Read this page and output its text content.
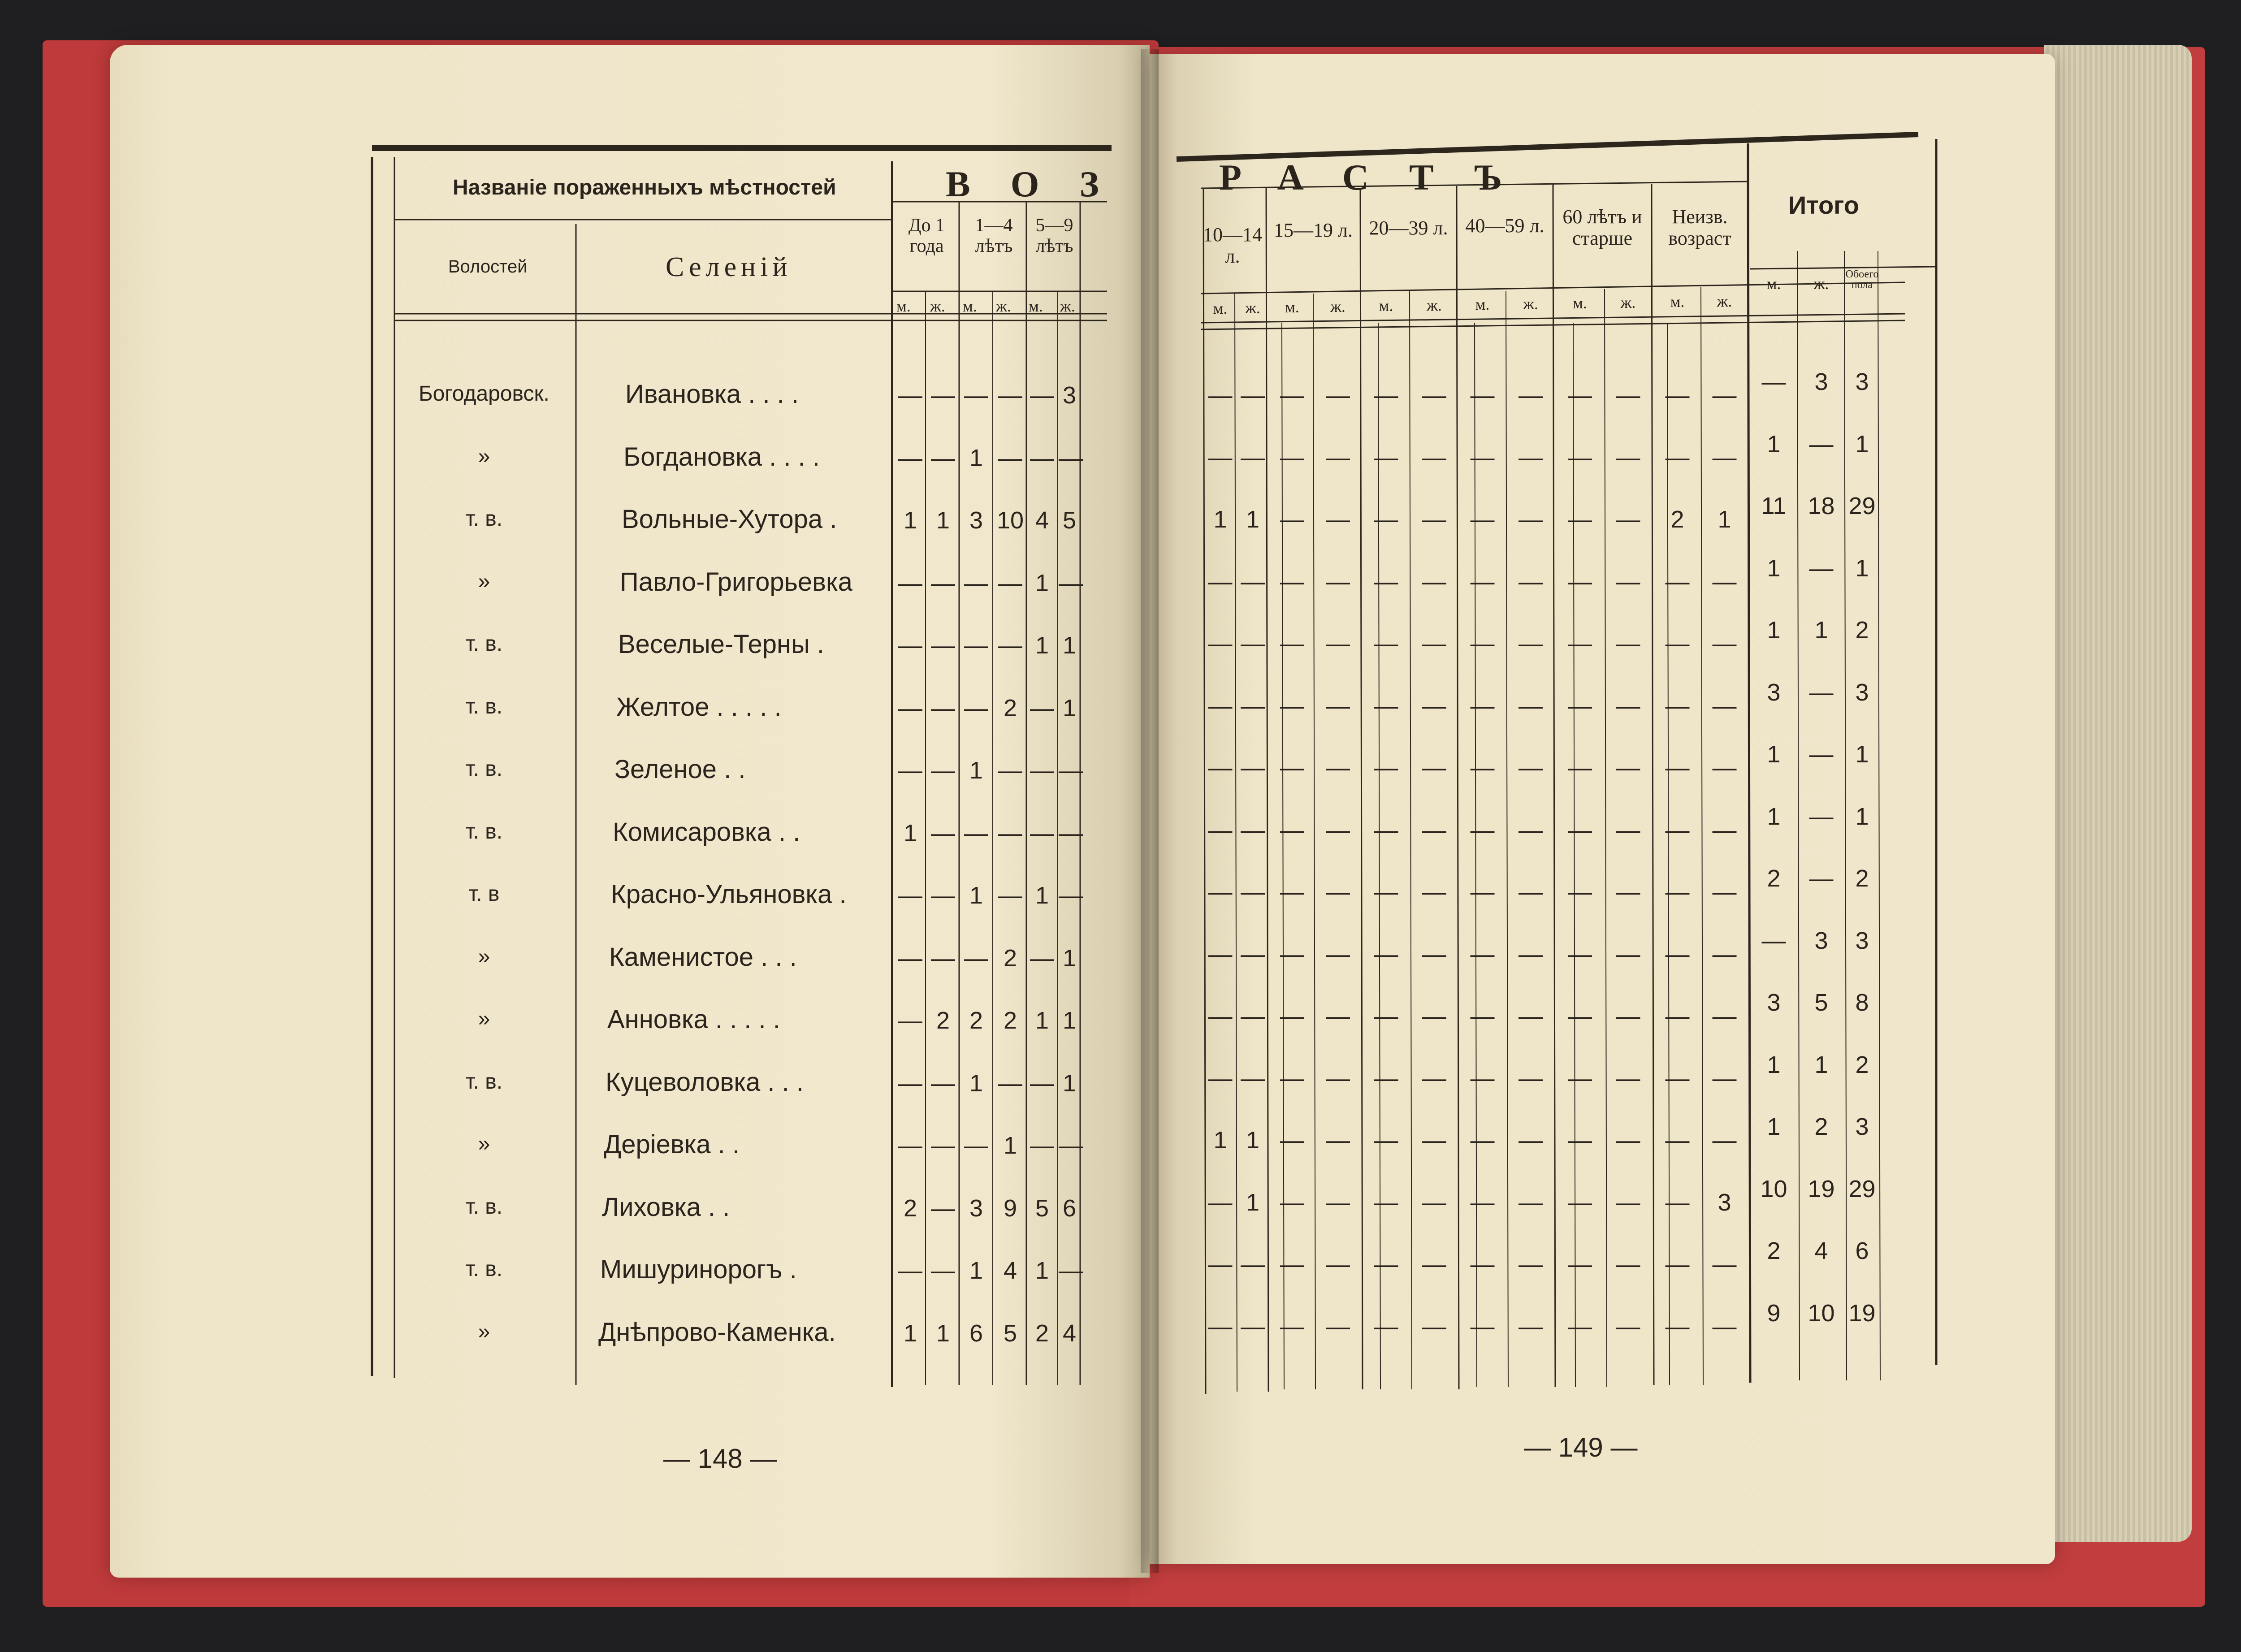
Названіе пораженныхъ мѣстностей
Волостей	Селеній
ВОЗ
До 1 года
1—4 лѣтъ
5—9 лѣтъ
м. ж. м. ж. м. ж.
Богодаровск.	Ивановка . . . .	— — — — — 3
»	Богдановка . . . .	— — 1 — — —
т. в.	Вольные-Хутора .	1 1 3 10 4 5
»	Павло-Григорьевка — — — — 1 —
т. в.	Веселые-Терны .	— — — — 1 1
т. в.	Желтое . . . . .	— — — 2 — 1
т. в.	Зеленое . .	— — 1 — — —
т. в.	Комисаровка . .	1 — — — — —
т. в	Красно-Ульяновка . — — 1 — 1 —
»	Каменистое . . .	— — — 2 — 1
»	Анновка . . . . .	— 2 2 2 1 1
т. в.	Куцеволовка . . .	— — 1 — — 1
»	Деріевка . .	— — — 1 — —
т. в.	Лиховка . .	2 — 3 9 5 6
т. в.	Мишуринорогъ .	— — 1 4 1 —
»	Днѣпрово-Каменка.	1 1 6 5 2 4
— 148 —
РАСТЪ
Итого
10—14 л.
15—19 л. 20—39 л. 40—59 л. 60 лѣтъ и старше
Неизв. возраст
м.	ж.	м.	ж.	м.	ж.	м.	ж.	м.	ж.	м.	ж.
м.	ж.
Обоего пола
— — — — — — — —	— —	— —	—	3	3
— — — — — — — —	— —	— —	1	— 1
1 1 — — — — — —	— —	2	1	11 18 29
— — — — — — — —	— —	— —	1	— 1
— — — — — — — —	— —	— —	1	1	2
— — — — — — — —	— —	— —	3	— 3
— — — — — — — —	— —	— —	1	— 1
— — — — — — — —	— —	— —	1	— 1
— — — — — — — —	— —	— —	2	— 2
— — — — — — — —	— —	— —	—	3	3
— — — — — — — —	— —	— —	3	5	8
— — — — — — — —	— —	— —	1	1	2
1 1 — — — — — —	— —	— —	1	2	3
— 1 — — — — — —	— —	—	3	10 19 29
— — — — — — — —	— —	— —	2	4	6
— — — — — — — —	— —	— —	9	10 19
— 149 —
